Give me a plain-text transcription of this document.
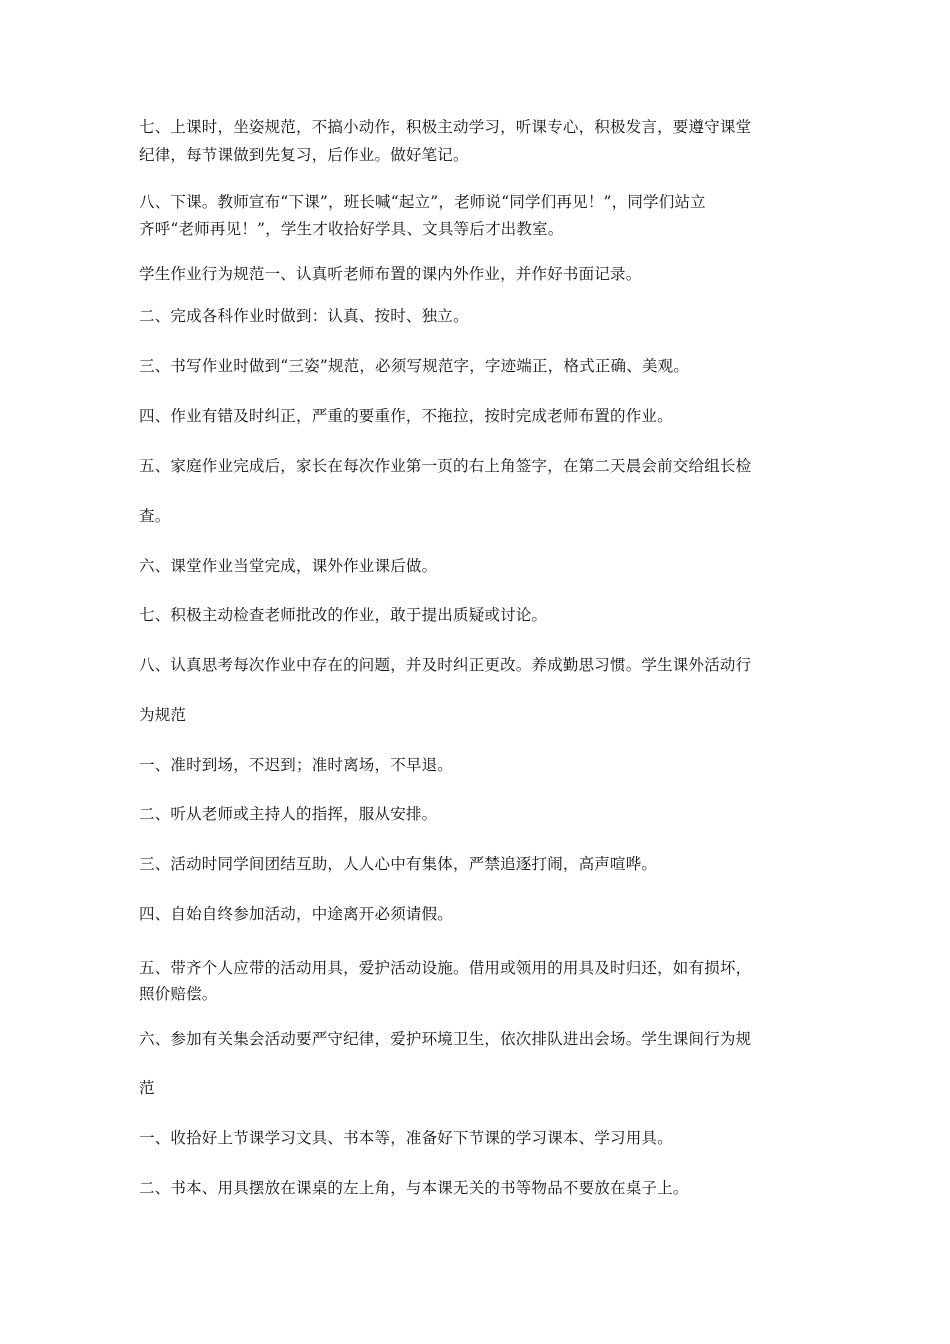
七、上课时，坐姿规范，不搞小动作，积极主动学习，听课专心，积极发言，要遵守课堂
纪律，每节课做到先复习，后作业。做好笔记。
八、下课。教师宣布“下课”，班长喊“起立”，老师说“同学们再见！”，同学们站立
齐呼“老师再见！”，学生才收拾好学具、文具等后才出教室。
学生作业行为规范一、认真听老师布置的课内外作业，并作好书面记录。
二、完成各科作业时做到：认真、按时、独立。
三、书写作业时做到“三姿”规范，必须写规范字，字迹端正，格式正确、美观。
四、作业有错及时纠正，严重的要重作，不拖拉，按时完成老师布置的作业。
五、家庭作业完成后，家长在每次作业第一页的右上角签字，在第二天晨会前交给组长检
查。
六、课堂作业当堂完成，课外作业课后做。
七、积极主动检查老师批改的作业，敢于提出质疑或讨论。
八、认真思考每次作业中存在的问题，并及时纠正更改。养成勤思习惯。学生课外活动行
为规范
一、准时到场，不迟到；准时离场，不早退。
二、听从老师或主持人的指挥，服从安排。
三、活动时同学间团结互助，人人心中有集体，严禁追逐打闹，高声喧哗。
四、自始自终参加活动，中途离开必须请假。
五、带齐个人应带的活动用具，爱护活动设施。借用或领用的用具及时归还，如有损坏，
照价赔偿。
六、参加有关集会活动要严守纪律，爱护环境卫生，依次排队进出会场。学生课间行为规
范
一、收拾好上节课学习文具、书本等，准备好下节课的学习课本、学习用具。
二、书本、用具摆放在课桌的左上角，与本课无关的书等物品不要放在桌子上。
